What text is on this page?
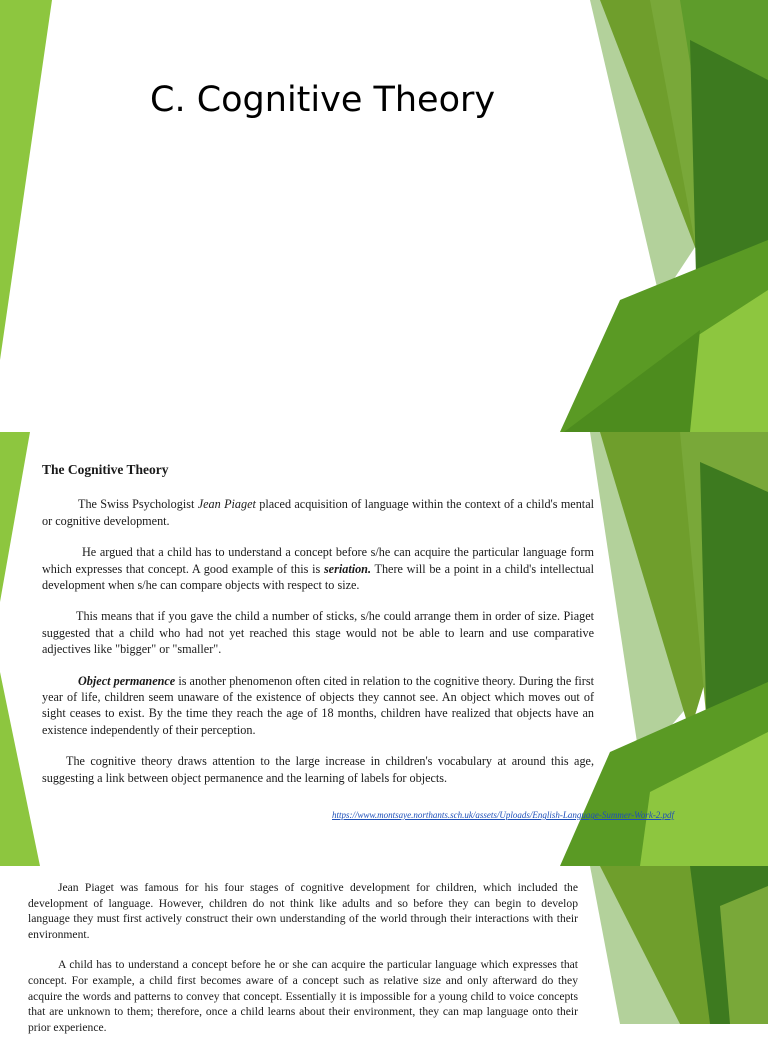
C. Cognitive Theory

The Cognitive Theory

The Swiss Psychologist Jean Piaget placed acquisition of language within the context of a child's mental or cognitive development.

He argued that a child has to understand a concept before s/he can acquire the particular language form which expresses that concept. A good example of this is seriation. There will be a point in a child's intellectual development when s/he can compare objects with respect to size.

This means that if you gave the child a number of sticks, s/he could arrange them in order of size. Piaget suggested that a child who had not yet reached this stage would not be able to learn and use comparative adjectives like "bigger" or "smaller".

Object permanence is another phenomenon often cited in relation to the cognitive theory. During the first year of life, children seem unaware of the existence of objects they cannot see. An object which moves out of sight ceases to exist. By the time they reach the age of 18 months, children have realized that objects have an existence independently of their perception.

The cognitive theory draws attention to the large increase in children's vocabulary at around this age, suggesting a link between object permanence and the learning of labels for objects.

https://www.montsaye.northants.sch.uk/assets/Uploads/English-Language-Summer-Work-2.pdf

Jean Piaget was famous for his four stages of cognitive development for children, which included the development of language. However, children do not think like adults and so before they can begin to develop language they must first actively construct their own understanding of the world through their interactions with their environment.

A child has to understand a concept before he or she can acquire the particular language which expresses that concept. For example, a child first becomes aware of a concept such as relative size and only afterward do they acquire the words and patterns to convey that concept. Essentially it is impossible for a young child to voice concepts that are unknown to them; therefore, once a child learns about their environment, they can map language onto their prior experience.
